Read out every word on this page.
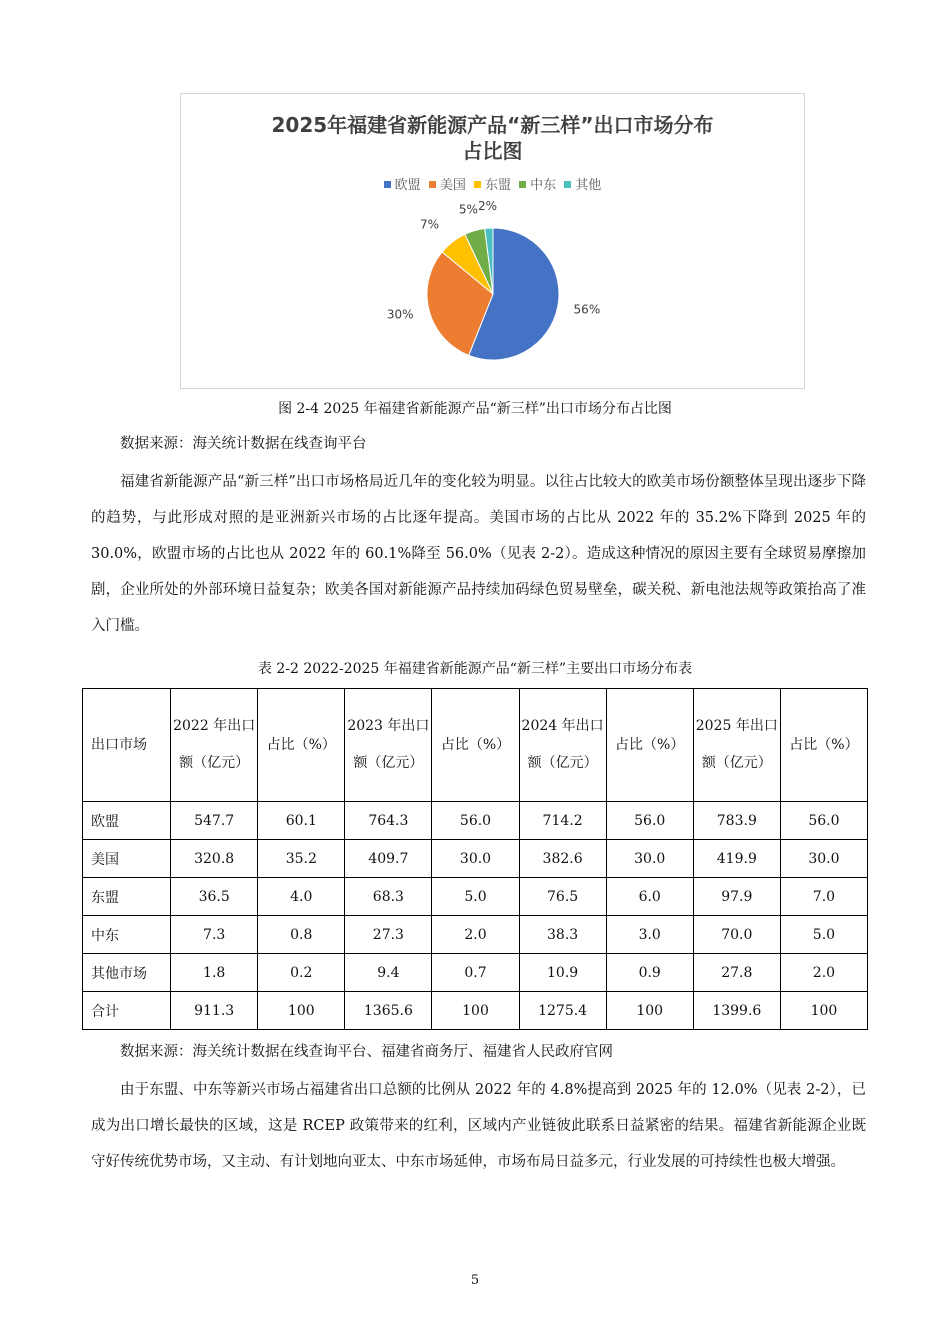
2025年福建省新能源产品“新三样”出口市场分布
占比图
欧盟 美国 东盟 中东 其他
56%
30%
7%
5% 2%
图 2-4 2025 年福建省新能源产品“新三样”出口市场分布占比图
数据来源：海关统计数据在线查询平台
福建省新能源产品“新三样”出口市场格局近几年的变化较为明显。以往占比较大的欧美市场份额整体呈现出逐步下降的趋势，与此形成对照的是亚洲新兴市场的占比逐年提高。美国市场的占比从 2022 年的 35.2%下降到 2025 年的 30.0%，欧盟市场的占比也从 2022 年的 60.1%降至 56.0%（见表 2-2）。造成这种情况的原因主要有全球贸易摩擦加剧，企业所处的外部环境日益复杂；欧美各国对新能源产品持续加码绿色贸易壁垒，碳关税、新电池法规等政策抬高了准入门槛。
表 2-2 2022-2025 年福建省新能源产品“新三样”主要出口市场分布表
出口市场	2022 年出口额（亿元）	占比（%）	2023 年出口额（亿元）	占比（%）	2024 年出口额（亿元）	占比（%）	2025 年出口额（亿元）	占比（%）
欧盟	547.7	60.1	764.3	56.0	714.2	56.0	783.9	56.0
美国	320.8	35.2	409.7	30.0	382.6	30.0	419.9	30.0
东盟	36.5	4.0	68.3	5.0	76.5	6.0	97.9	7.0
中东	7.3	0.8	27.3	2.0	38.3	3.0	70.0	5.0
其他市场	1.8	0.2	9.4	0.7	10.9	0.9	27.8	2.0
合计	911.3	100	1365.6	100	1275.4	100	1399.6	100
数据来源：海关统计数据在线查询平台、福建省商务厅、福建省人民政府官网
由于东盟、中东等新兴市场占福建省出口总额的比例从 2022 年的 4.8%提高到 2025 年的 12.0%（见表 2-2），已成为出口增长最快的区域，这是 RCEP 政策带来的红利，区域内产业链彼此联系日益紧密的结果。福建省新能源企业既守好传统优势市场，又主动、有计划地向亚太、中东市场延伸，市场布局日益多元，行业发展的可持续性也极大增强。
5
